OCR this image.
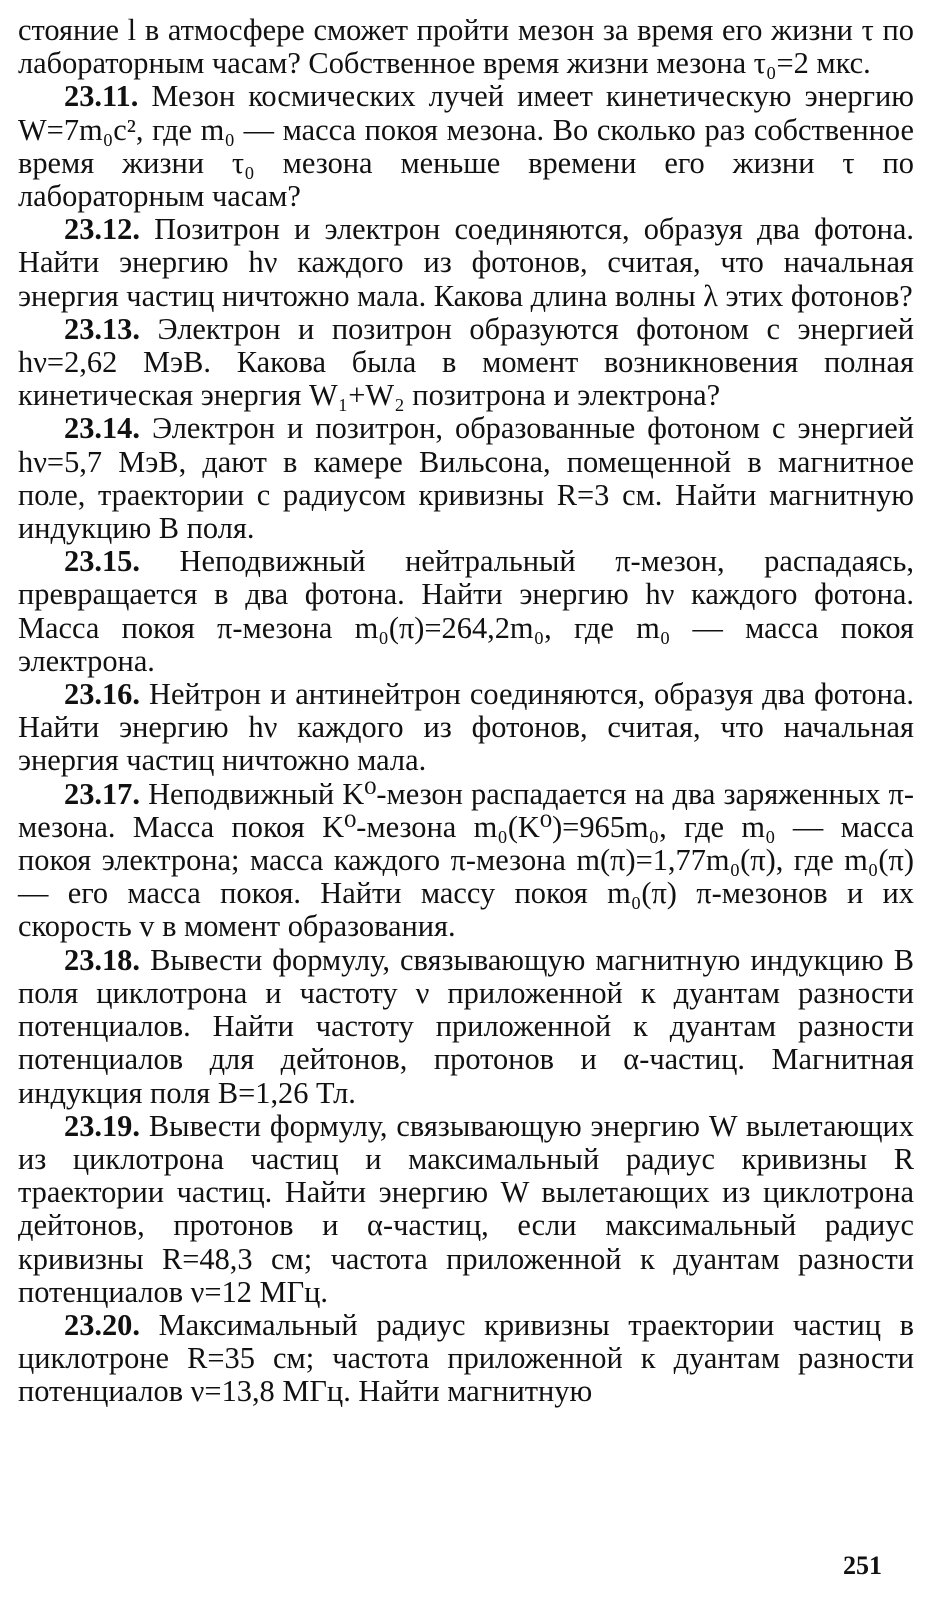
стояние l в атмосфере сможет пройти мезон за время его жизни τ по лабораторным часам? Собственное время жизни мезона τ₀=2 мкс.

23.11. Мезон космических лучей имеет кинетическую энергию W=7m₀c², где m₀ — масса покоя мезона. Во сколько раз собственное время жизни τ₀ мезона меньше времени его жизни τ по лабораторным часам?

23.12. Позитрон и электрон соединяются, образуя два фотона. Найти энергию hν каждого из фотонов, считая, что начальная энергия частиц ничтожно мала. Какова длина волны λ этих фотонов?

23.13. Электрон и позитрон образуются фотоном с энергией hν=2,62 МэВ. Какова была в момент возникновения полная кинетическая энергия W₁+W₂ позитрона и электрона?

23.14. Электрон и позитрон, образованные фотоном с энергией hν=5,7 МэВ, дают в камере Вильсона, помещенной в магнитное поле, траектории с радиусом кривизны R=3 см. Найти магнитную индукцию B поля.

23.15. Неподвижный нейтральный π-мезон, распадаясь, превращается в два фотона. Найти энергию hν каждого фотона. Масса покоя π-мезона m₀(π)=264,2m₀, где m₀ — масса покоя электрона.

23.16. Нейтрон и антинейтрон соединяются, образуя два фотона. Найти энергию hν каждого из фотонов, считая, что начальная энергия частиц ничтожно мала.

23.17. Неподвижный K⁰-мезон распадается на два заряженных π-мезона. Масса покоя K⁰-мезона m₀(K⁰)=965m₀, где m₀ — масса покоя электрона; масса каждого π-мезона m(π)=1,77m₀(π), где m₀(π) — его масса покоя. Найти массу покоя m₀(π) π-мезонов и их скорость v в момент образования.

23.18. Вывести формулу, связывающую магнитную индукцию B поля циклотрона и частоту ν приложенной к дуантам разности потенциалов. Найти частоту приложенной к дуантам разности потенциалов для дейтонов, протонов и α-частиц. Магнитная индукция поля B=1,26 Тл.

23.19. Вывести формулу, связывающую энергию W вылетающих из циклотрона частиц и максимальный радиус кривизны R траектории частиц. Найти энергию W вылетающих из циклотрона дейтонов, протонов и α-частиц, если максимальный радиус кривизны R=48,3 см; частота приложенной к дуантам разности потенциалов ν=12 МГц.

23.20. Максимальный радиус кривизны траектории частиц в циклотроне R=35 см; частота приложенной к дуантам разности потенциалов ν=13,8 МГц. Найти магнитную

251
